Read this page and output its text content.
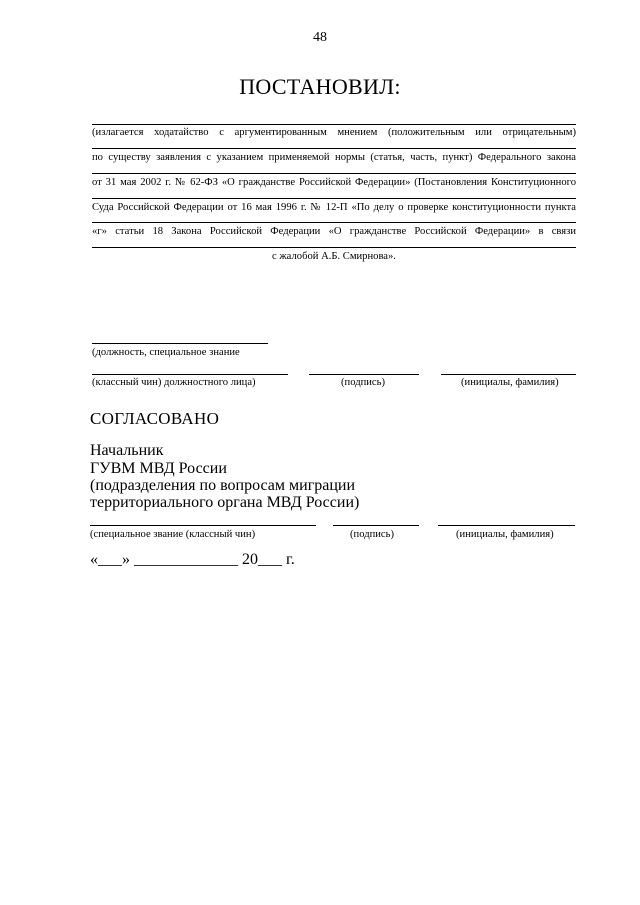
48
ПОСТАНОВИЛ:
(излагается ходатайство с аргументированным мнением (положительным или отрицательным)
по существу заявления с указанием применяемой нормы (статья, часть, пункт) Федерального закона
от 31 мая 2002 г. № 62-ФЗ «О гражданстве Российской Федерации» (Постановления Конституционного
Суда Российской Федерации от 16 мая 1996 г. № 12-П «По делу о проверке конституционности пункта
«г» статьи 18 Закона Российской Федерации «О гражданстве Российской Федерации» в связи
с жалобой А.Б. Смирнова».
(должность, специальное знание
(классный чин) должностного лица)	(подпись)	(инициалы, фамилия)
СОГЛАСОВАНО
Начальник
ГУВМ МВД России
(подразделения по вопросам миграции
территориального органа МВД России)
(специальное звание (классный чин)	(подпись)	(инициалы, фамилия)
«___» _____________ 20___ г.
